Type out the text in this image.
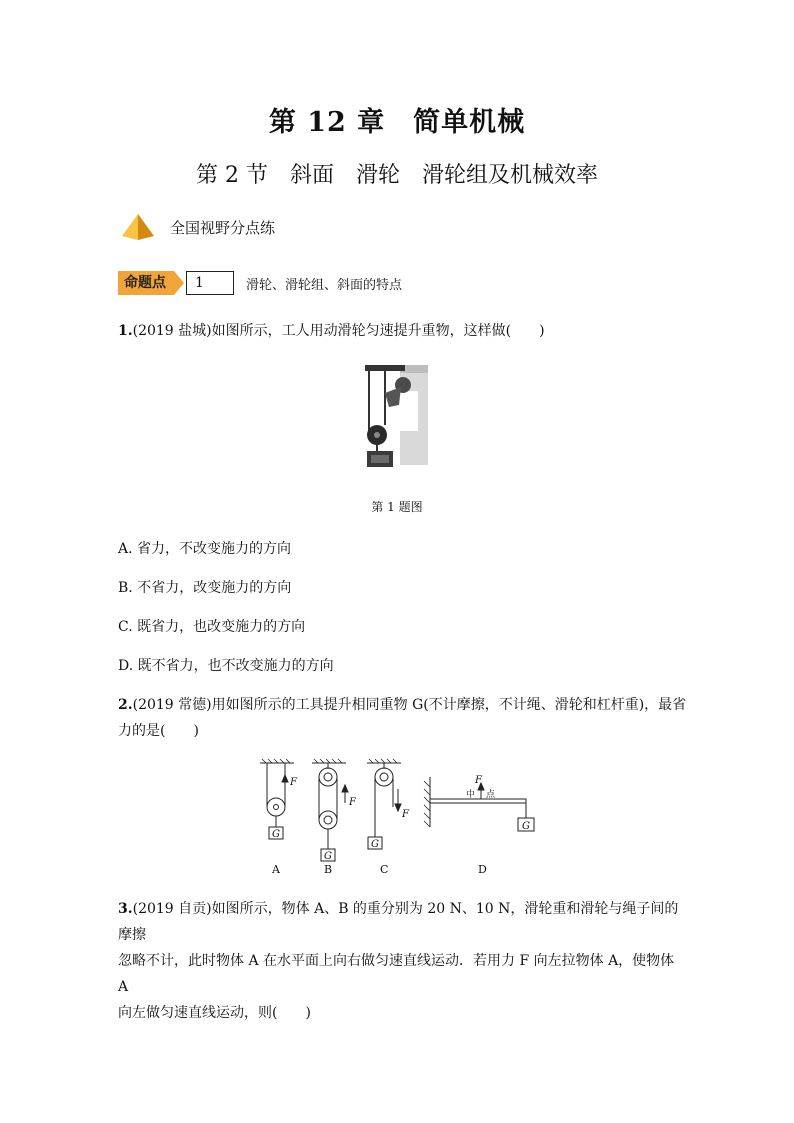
第 12 章　简单机械
第 2 节　斜面　滑轮　滑轮组及机械效率
全国视野分点练
命题点	1	滑轮、滑轮组、斜面的特点
1.(2019 盐城)如图所示，工人用动滑轮匀速提升重物，这样做(　　)
第 1 题图
A. 省力，不改变施力的方向
B. 不省力，改变施力的方向
C. 既省力，也改变施力的方向
D. 既不省力，也不改变施力的方向
2.(2019 常德)用如图所示的工具提升相同重物 G(不计摩擦，不计绳、滑轮和杠杆重)，最省
力的是(　　)
G
F
G
F
G
F
G
F
中 点
A	B	C	D
3.(2019 自贡)如图所示，物体 A、B 的重分别为 20 N、10 N，滑轮重和滑轮与绳子间的摩擦
忽略不计，此时物体 A 在水平面上向右做匀速直线运动．若用力 F 向左拉物体 A，使物体 A
向左做匀速直线运动，则(　　)
